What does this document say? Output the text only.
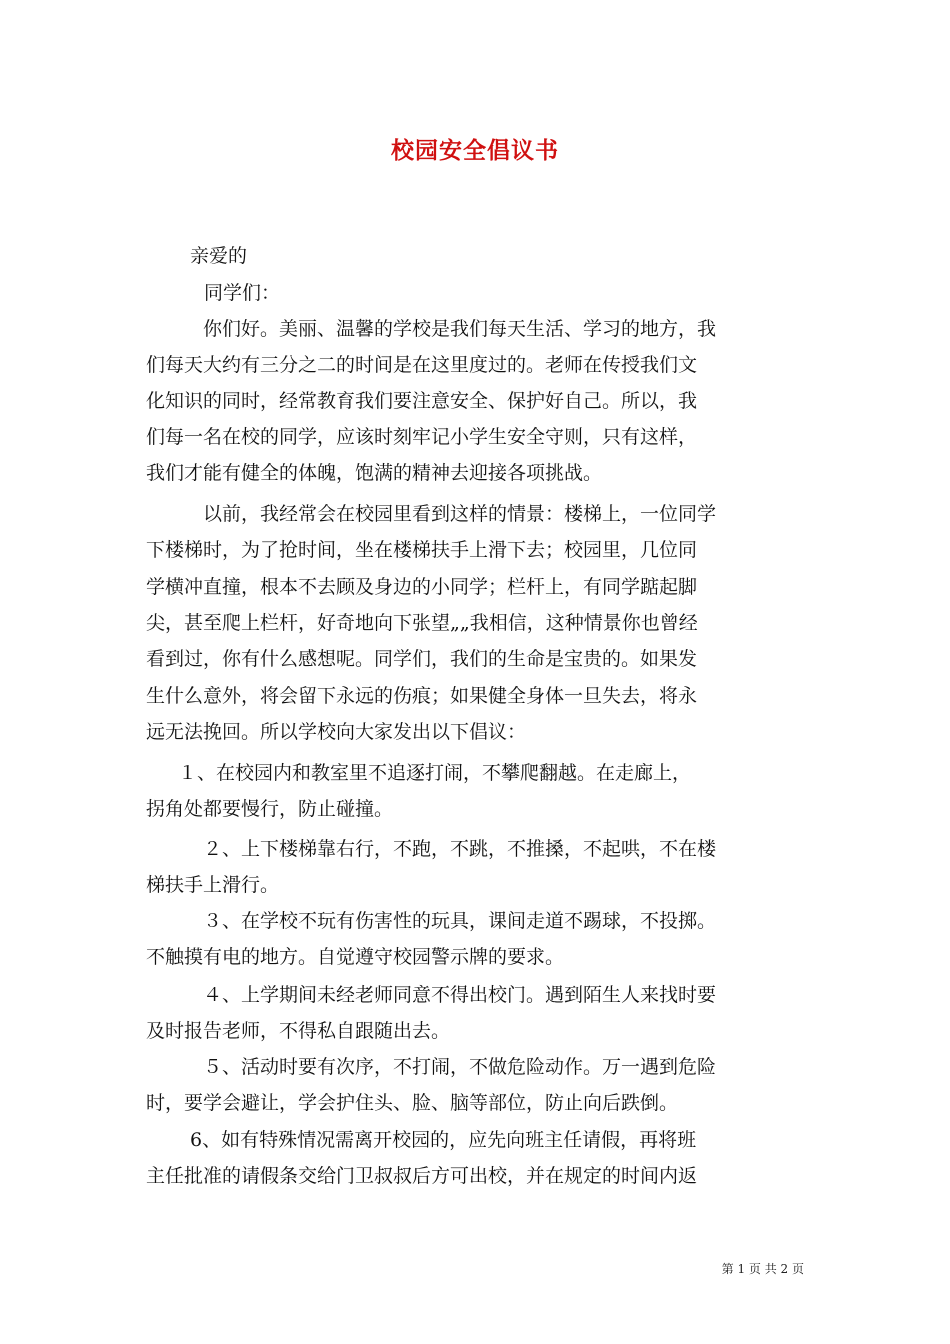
校园安全倡议书
亲爱的
同学们：
你们好。美丽、温馨的学校是我们每天生活、学习的地方，我
们每天大约有三分之二的时间是在这里度过的。老师在传授我们文
化知识的同时，经常教育我们要注意安全、保护好自己。所以，我
们每一名在校的同学，应该时刻牢记小学生安全守则，只有这样，
我们才能有健全的体魄，饱满的精神去迎接各项挑战。
以前，我经常会在校园里看到这样的情景：楼梯上，一位同学
下楼梯时，为了抢时间，坐在楼梯扶手上滑下去；校园里，几位同
学横冲直撞，根本不去顾及身边的小同学；栏杆上，有同学踮起脚
尖，甚至爬上栏杆，好奇地向下张望„„我相信，这种情景你也曾经
看到过，你有什么感想呢。同学们，我们的生命是宝贵的。如果发
生什么意外，将会留下永远的伤痕；如果健全身体一旦失去，将永
远无法挽回。所以学校向大家发出以下倡议：
１、在校园内和教室里不追逐打闹，不攀爬翻越。在走廊上，
拐角处都要慢行，防止碰撞。
２、上下楼梯靠右行，不跑，不跳，不推搡，不起哄，不在楼
梯扶手上滑行。
３、在学校不玩有伤害性的玩具，课间走道不踢球，不投掷。
不触摸有电的地方。自觉遵守校园警示牌的要求。
４、上学期间未经老师同意不得出校门。遇到陌生人来找时要
及时报告老师，不得私自跟随出去。
５、活动时要有次序，不打闹，不做危险动作。万一遇到危险
时，要学会避让，学会护住头、脸、脑等部位，防止向后跌倒。
6、如有特殊情况需离开校园的，应先向班主任请假，再将班
主任批准的请假条交给门卫叔叔后方可出校，并在规定的时间内返
第 1 页 共 2 页
